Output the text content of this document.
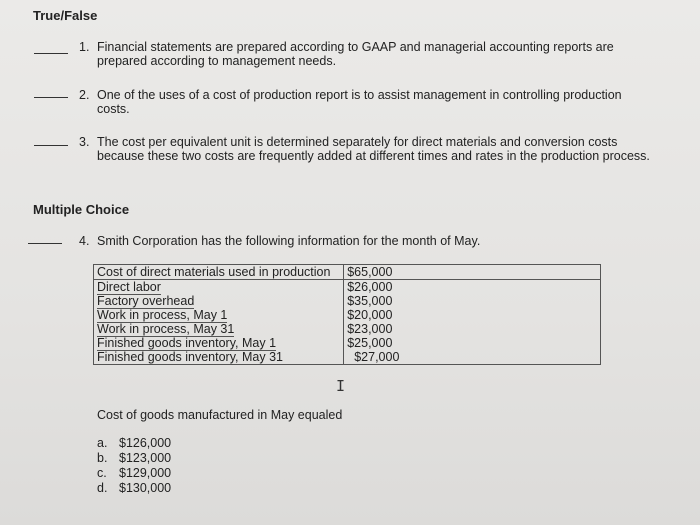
True/False
1. Financial statements are prepared according to GAAP and managerial accounting reports are prepared according to management needs.
2. One of the uses of a cost of production report is to assist management in controlling production costs.
3. The cost per equivalent unit is determined separately for direct materials and conversion costs because these two costs are frequently added at different times and rates in the production process.
Multiple Choice
4. Smith Corporation has the following information for the month of May.
Cost of direct materials used in production	$65,000
Direct labor	$26,000
Factory overhead	$35,000
Work in process, May 1	$20,000
Work in process, May 31	$23,000
Finished goods inventory, May 1	$25,000
Finished goods inventory, May 31	$27,000
I
Cost of goods manufactured in May equaled
a. $126,000
b. $123,000
c. $129,000
d. $130,000
